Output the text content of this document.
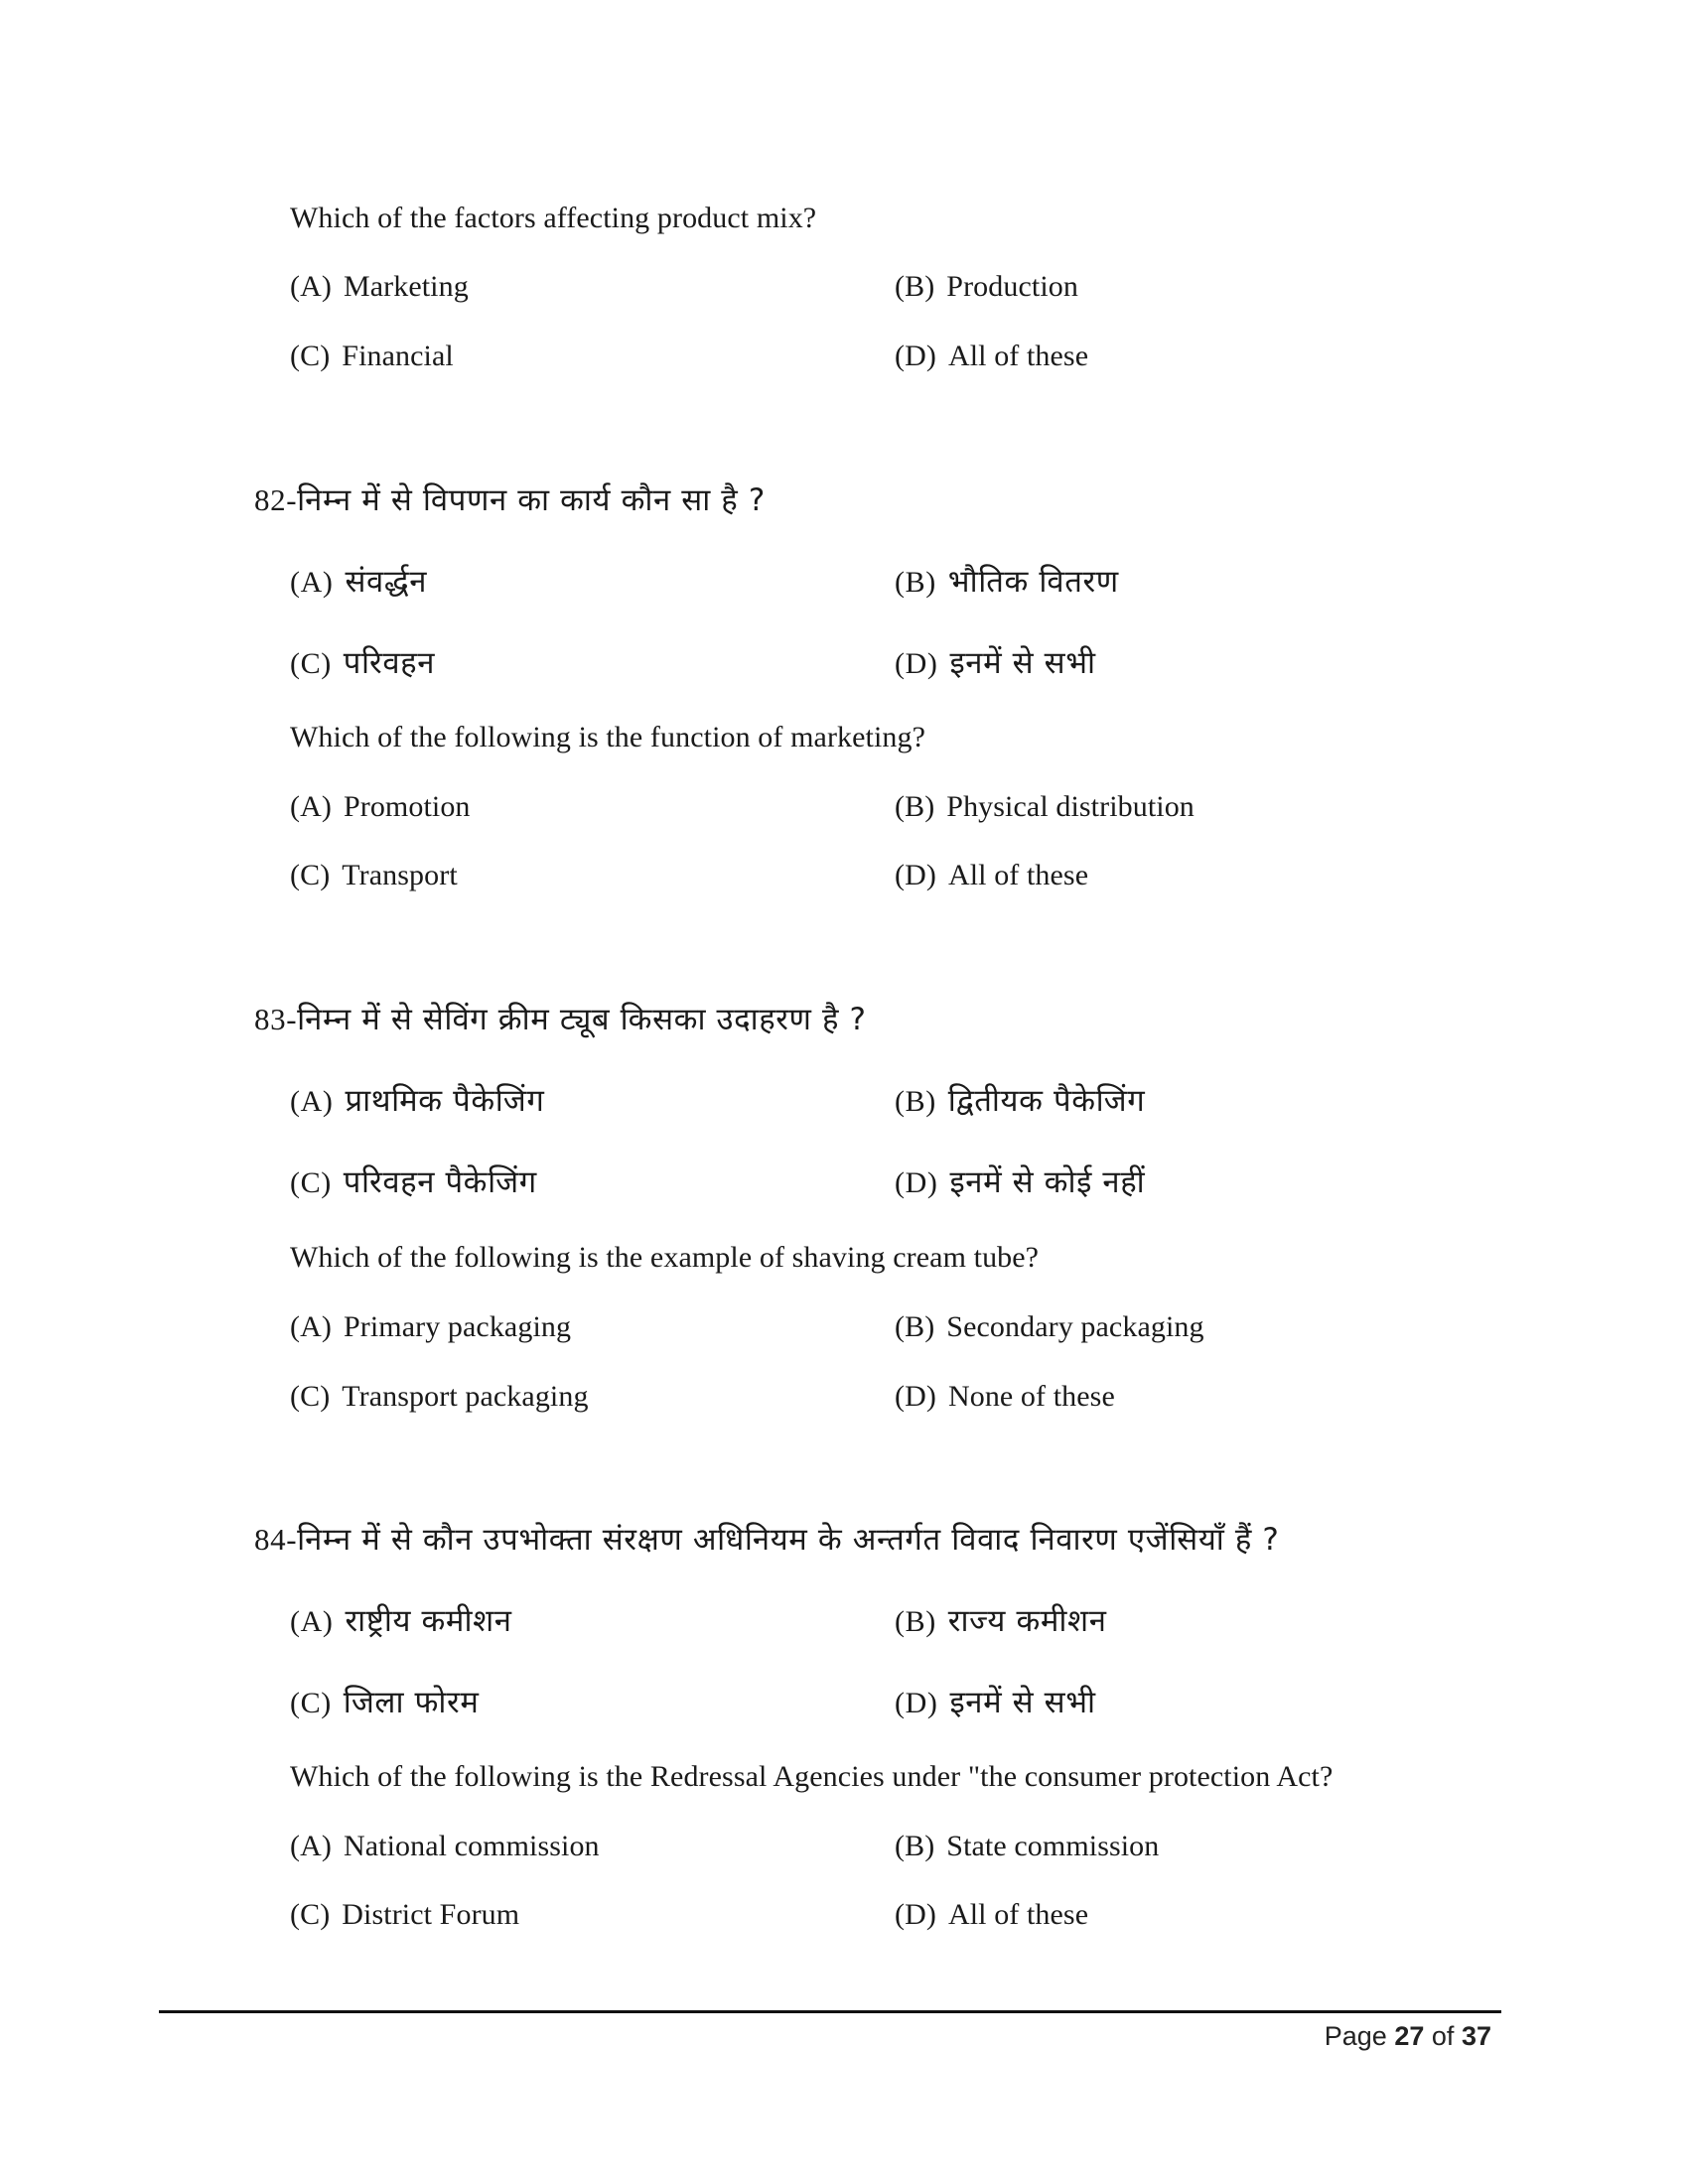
Which of the factors affecting product mix?
(A) Marketing	(B) Production
(C) Financial	(D) All of these
82-निम्न में से विपणन का कार्य कौन सा है ?
(A) संवर्द्धन	(B) भौतिक वितरण
(C) परिवहन	(D) इनमें से सभी
Which of the following is the function of marketing?
(A) Promotion	(B) Physical distribution
(C) Transport	(D) All of these
83-निम्न में से सेविंग क्रीम ट्यूब किसका उदाहरण है ?
(A) प्राथमिक पैकेजिंग	(B) द्वितीयक पैकेजिंग
(C) परिवहन पैकेजिंग	(D) इनमें से कोई नहीं
Which of the following is the example of shaving cream tube?
(A) Primary packaging	(B) Secondary packaging
(C) Transport packaging	(D) None of these
84-निम्न में से कौन उपभोक्ता संरक्षण अधिनियम के अन्तर्गत विवाद निवारण एजेंसियाँ हैं ?
(A) राष्ट्रीय कमीशन	(B) राज्य कमीशन
(C) जिला फोरम	(D) इनमें से सभी
Which of the following is the Redressal Agencies under "the consumer protection Act?
(A) National commission	(B) State commission
(C) District Forum	(D) All of these
Page 27 of 37
